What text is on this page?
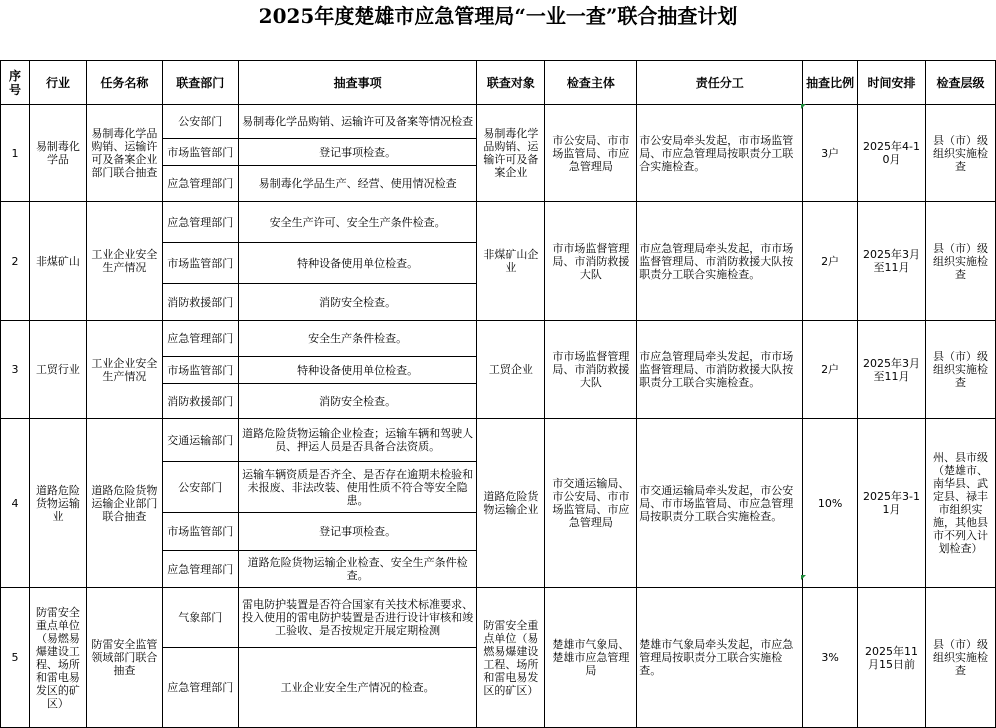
2025年度楚雄市应急管理局“一业一查”联合抽查计划
序号	行业	任务名称	联查部门	抽查事项	联查对象	检查主体	责任分工	抽查比例	时间安排	检查层级
1	易制毒化学品	易制毒化学品购销、运输许可及备案企业部门联合抽查	公安部门	易制毒化学品购销、运输许可及备案等情况检查	易制毒化学品购销、运输许可及备案企业	市公安局、市市场监管局、市应急管理局	市公安局牵头发起，市市场监管局、市应急管理局按职责分工联合实施检查。	3户	2025年4-10月	县（市）级组织实施检查
			市场监管部门	登记事项检查。						
			应急管理部门	易制毒化学品生产、经营、使用情况检查						
2	非煤矿山	工业企业安全生产情况	应急管理部门	安全生产许可、安全生产条件检查。	非煤矿山企业	市市场监督管理局、市消防救援大队	市应急管理局牵头发起，市市场监督管理局、市消防救援大队按职责分工联合实施检查。	2户	2025年3月至11月	县（市）级组织实施检查
			市场监管部门	特种设备使用单位检查。						
			消防救援部门	消防安全检查。						
3	工贸行业	工业企业安全生产情况	应急管理部门	安全生产条件检查。	工贸企业	市市场监督管理局、市消防救援大队	市应急管理局牵头发起，市市场监督管理局、市消防救援大队按职责分工联合实施检查。	2户	2025年3月至11月	县（市）级组织实施检查
			市场监管部门	特种设备使用单位检查。						
			消防救援部门	消防安全检查。						
4	道路危险货物运输业	道路危险货物运输企业部门联合抽查	交通运输部门	道路危险货物运输企业检查；运输车辆和驾驶人员、押运人员是否具备合法资质。	道路危险货物运输企业	市交通运输局、市公安局、市市场监管局、市应急管理局	市交通运输局牵头发起，市公安局、市市场监管局、市应急管理局按职责分工联合实施检查。	10%	2025年3-11月	州、县市级（楚雄市、南华县、武定县、禄丰市组织实施，其他县市不列入计划检查）
			公安部门	运输车辆资质是否齐全、是否存在逾期未检验和未报废、非法改装、使用性质不符合等安全隐患。						
			市场监管部门	登记事项检查。						
			应急管理部门	道路危险货物运输企业检查、安全生产条件检查。						
5	防雷安全重点单位（易燃易爆建设工程、场所和雷电易发区的矿区）	防雷安全监管领域部门联合抽查	气象部门	雷电防护装置是否符合国家有关技术标准要求、投入使用的雷电防护装置是否进行设计审核和竣工验收、是否按规定开展定期检测	防雷安全重点单位（易燃易爆建设工程、场所和雷电易发区的矿区）	楚雄市气象局、楚雄市应急管理局	楚雄市气象局牵头发起，市应急管理局按职责分工联合实施检查。	3%	2025年11月15日前	县（市）级组织实施检查
			应急管理部门	工业企业安全生产情况的检查。						
